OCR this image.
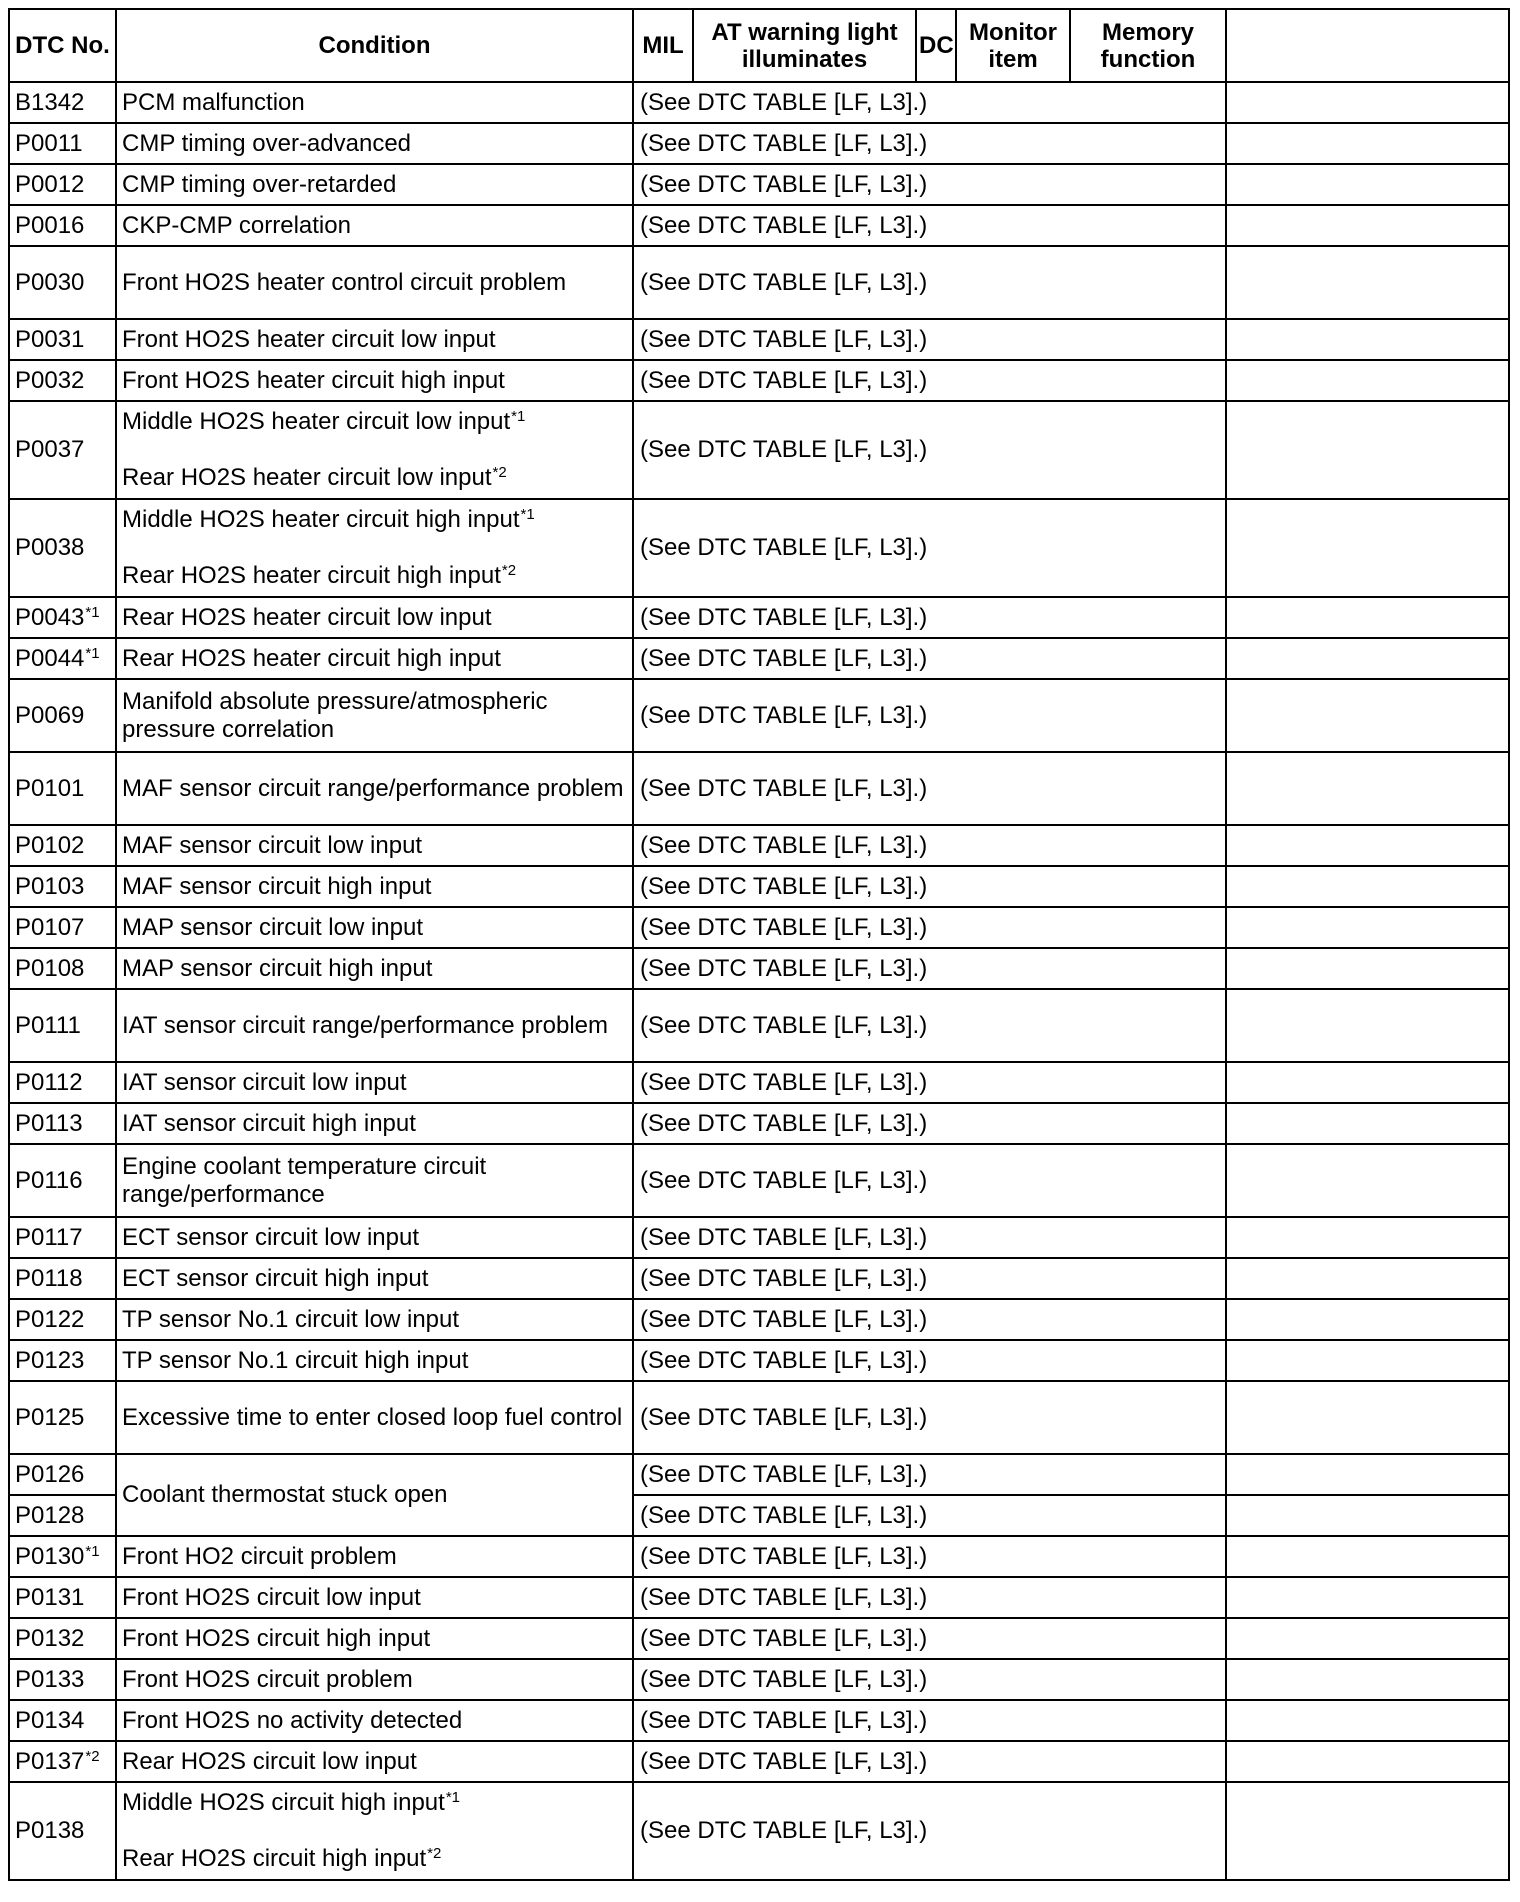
DTC No.	Condition	MIL	AT warning light illuminates	DC	Monitor item	Memory function	
B1342	PCM malfunction	(See DTC TABLE [LF, L3].)					
P0011	CMP timing over-advanced	(See DTC TABLE [LF, L3].)					
P0012	CMP timing over-retarded	(See DTC TABLE [LF, L3].)					
P0016	CKP-CMP correlation	(See DTC TABLE [LF, L3].)					
P0030	Front HO2S heater control circuit problem	(See DTC TABLE [LF, L3].)					
P0031	Front HO2S heater circuit low input	(See DTC TABLE [LF, L3].)					
P0032	Front HO2S heater circuit high input	(See DTC TABLE [LF, L3].)					
P0037	Middle HO2S heater circuit low input$^{*1}$
Rear HO2S heater circuit low input$^{*2}$	(See DTC TABLE [LF, L3].)					
P0038	Middle HO2S heater circuit high input$^{*1}$
Rear HO2S heater circuit high input$^{*2}$	(See DTC TABLE [LF, L3].)					
P0043$^{*1}$	Rear HO2S heater circuit low input	(See DTC TABLE [LF, L3].)					
P0044$^{*1}$	Rear HO2S heater circuit high input	(See DTC TABLE [LF, L3].)					
P0069	Manifold absolute pressure/atmospheric pressure correlation	(See DTC TABLE [LF, L3].)					
P0101	MAF sensor circuit range/performance problem	(See DTC TABLE [LF, L3].)					
P0102	MAF sensor circuit low input	(See DTC TABLE [LF, L3].)					
P0103	MAF sensor circuit high input	(See DTC TABLE [LF, L3].)					
P0107	MAP sensor circuit low input	(See DTC TABLE [LF, L3].)					
P0108	MAP sensor circuit high input	(See DTC TABLE [LF, L3].)					
P0111	IAT sensor circuit range/performance problem	(See DTC TABLE [LF, L3].)					
P0112	IAT sensor circuit low input	(See DTC TABLE [LF, L3].)					
P0113	IAT sensor circuit high input	(See DTC TABLE [LF, L3].)					
P0116	Engine coolant temperature circuit range/performance	(See DTC TABLE [LF, L3].)					
P0117	ECT sensor circuit low input	(See DTC TABLE [LF, L3].)					
P0118	ECT sensor circuit high input	(See DTC TABLE [LF, L3].)					
P0122	TP sensor No.1 circuit low input	(See DTC TABLE [LF, L3].)					
P0123	TP sensor No.1 circuit high input	(See DTC TABLE [LF, L3].)					
P0125	Excessive time to enter closed loop fuel control	(See DTC TABLE [LF, L3].)					
P0126	Coolant thermostat stuck open	(See DTC TABLE [LF, L3].)					
P0128		(See DTC TABLE [LF, L3].)					
P0130$^{*1}$	Front HO2 circuit problem	(See DTC TABLE [LF, L3].)					
P0131	Front HO2S circuit low input	(See DTC TABLE [LF, L3].)					
P0132	Front HO2S circuit high input	(See DTC TABLE [LF, L3].)					
P0133	Front HO2S circuit problem	(See DTC TABLE [LF, L3].)					
P0134	Front HO2S no activity detected	(See DTC TABLE [LF, L3].)					
P0137$^{*2}$	Rear HO2S circuit low input	(See DTC TABLE [LF, L3].)					
P0138	Middle HO2S circuit high input$^{*1}$
Rear HO2S circuit high input$^{*2}$	(See DTC TABLE [LF, L3].)					
